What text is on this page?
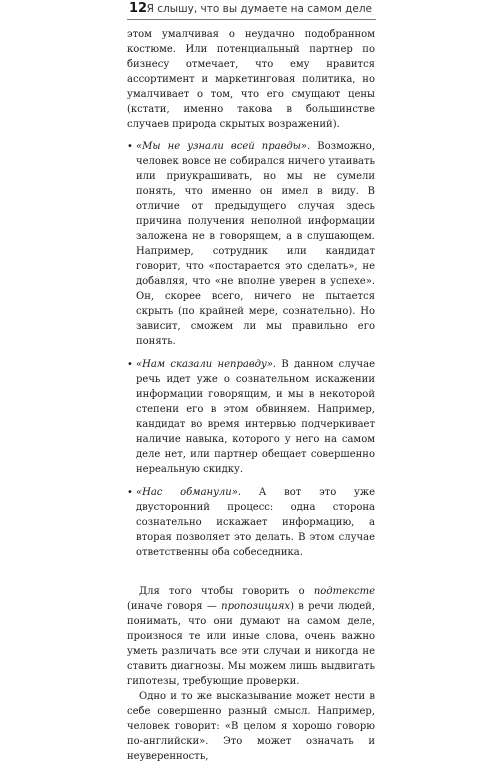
12 Я слышу, что вы думаете на самом деле

этом умалчивая о неудачно подобранном костюме. Или потенциальный партнер по бизнесу отмечает, что ему нравится ассортимент и маркетинговая политика, но умалчивает о том, что его смущают цены (кстати, именно такова в большинстве случаев природа скрытых возражений).

• «Мы не узнали всей правды». Возможно, человек вовсе не собирался ничего утаивать или приукрашивать, но мы не сумели понять, что именно он имел в виду. В отличие от предыдущего случая здесь причина получения неполной информации заложена не в говорящем, а в слушающем. Например, сотрудник или кандидат говорит, что «постарается это сделать», не добавляя, что «не вполне уверен в успехе». Он, скорее всего, ничего не пытается скрыть (по крайней мере, сознательно). Но зависит, сможем ли мы правильно его понять.
• «Нам сказали неправду». В данном случае речь идет уже о сознательном искажении информации говорящим, и мы в некоторой степени его в этом обвиняем. Например, кандидат во время интервью подчеркивает наличие навыка, которого у него на самом деле нет, или партнер обещает совершенно нереальную скидку.
• «Нас обманули». А вот это уже двусторонний процесс: одна сторона сознательно искажает информацию, а вторая позволяет это делать. В этом случае ответственны оба собеседника.

Для того чтобы говорить о подтексте (иначе говоря — пропозициях) в речи людей, понимать, что они думают на самом деле, произнося те или иные слова, очень важно уметь различать все эти случаи и никогда не ставить диагнозы. Мы можем лишь выдвигать гипотезы, требующие проверки.

Одно и то же высказывание может нести в себе совершенно разный смысл. Например, человек говорит: «В целом я хорошо говорю по-английски». Это может означать и неуверенность,
